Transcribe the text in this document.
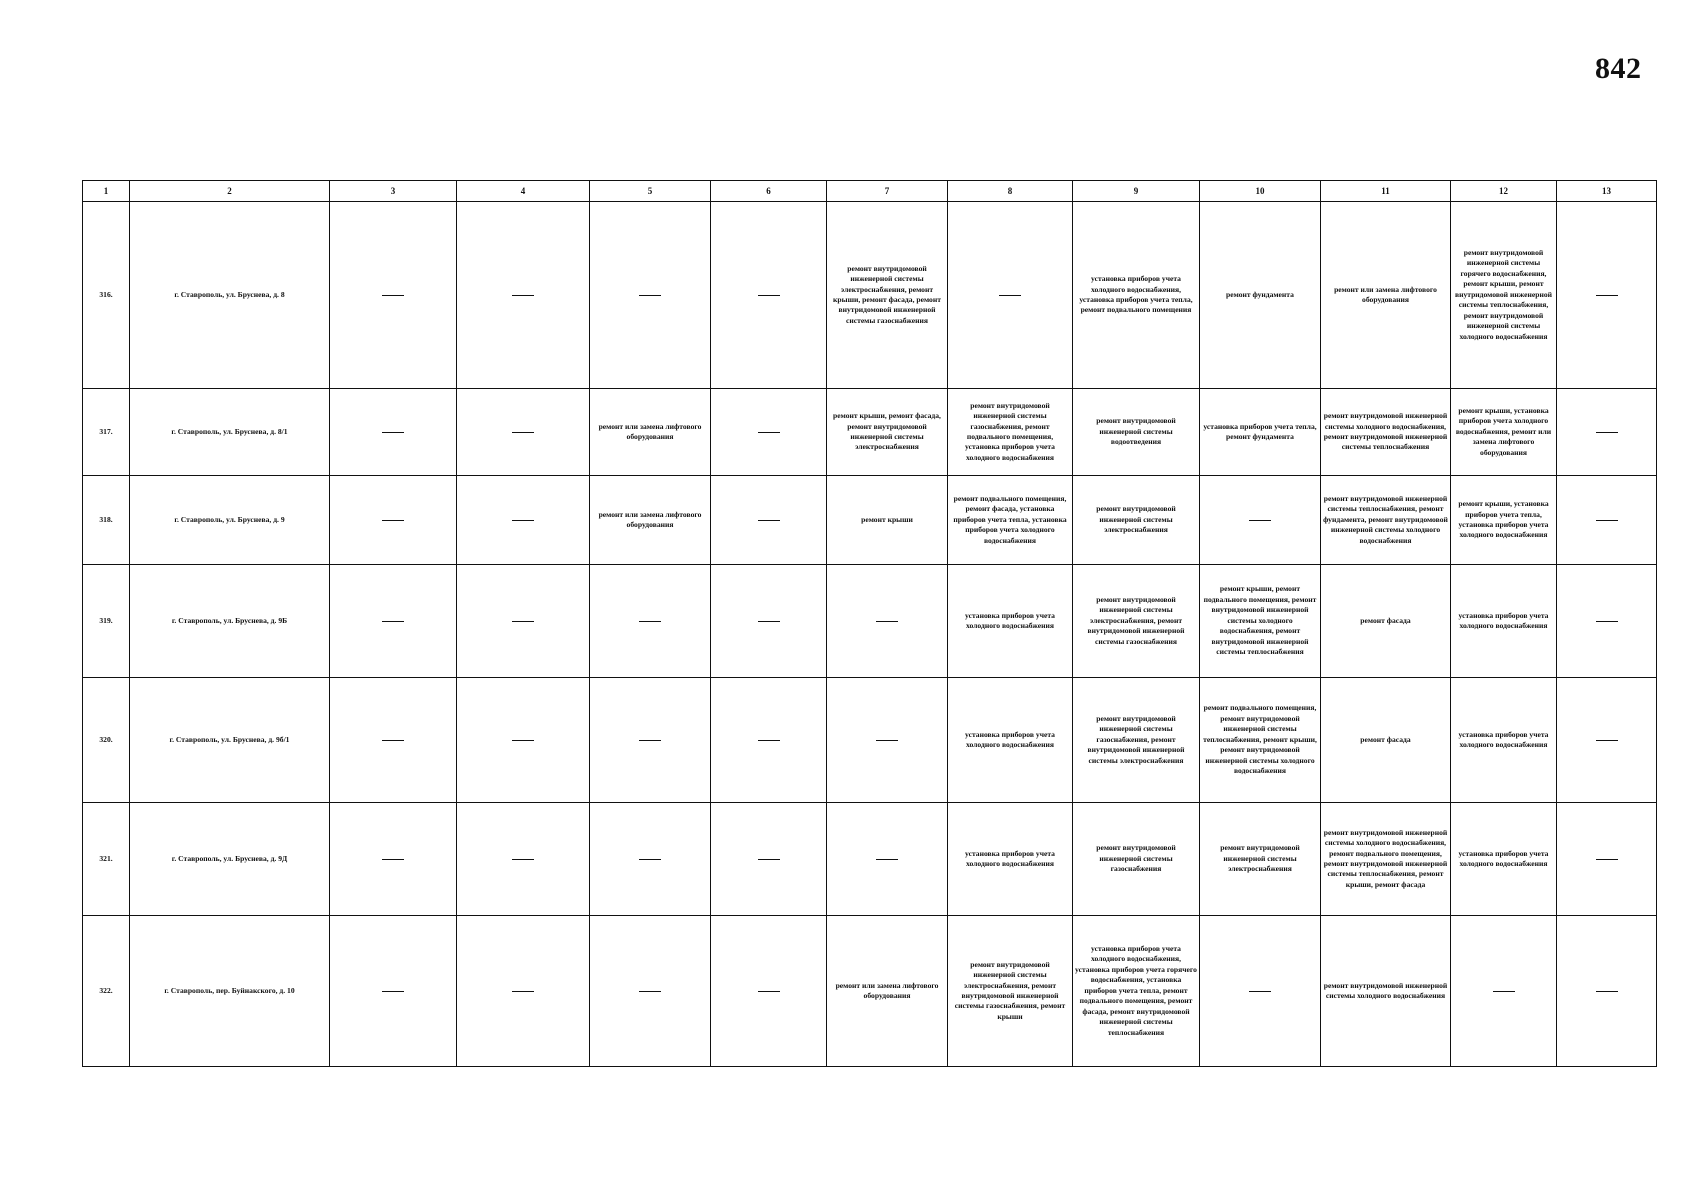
842
1	2	3	4	5	6	7	8	9	10	11	12	13
316.	г. Ставрополь, ул. Бруснева, д. 8					ремонт внутридомовой инженерной системы электроснабжения, ремонт крыши, ремонт фасада, ремонт внутридомовой инженерной системы газоснабжения		установка приборов учета холодного водоснабжения, установка приборов учета тепла, ремонт подвального помещения	ремонт фундамента	ремонт или замена лифтового оборудования	ремонт внутридомовой инженерной системы горячего водоснабжения, ремонт крыши, ремонт внутридомовой инженерной системы теплоснабжения, ремонт внутридомовой инженерной системы холодного водоснабжения	
317.	г. Ставрополь, ул. Бруснева, д. 8/1			ремонт или замена лифтового оборудования		ремонт крыши, ремонт фасада, ремонт внутридомовой инженерной системы электроснабжения	ремонт внутридомовой инженерной системы газоснабжения, ремонт подвального помещения, установка приборов учета холодного водоснабжения	ремонт внутридомовой инженерной системы водоотведения	установка приборов учета тепла, ремонт фундамента	ремонт внутридомовой инженерной системы холодного водоснабжения, ремонт внутридомовой инженерной системы теплоснабжения	ремонт крыши, установка приборов учета холодного водоснабжения, ремонт или замена лифтового оборудования	
318.	г. Ставрополь, ул. Бруснева, д. 9			ремонт или замена лифтового оборудования		ремонт крыши	ремонт подвального помещения, ремонт фасада, установка приборов учета тепла, установка приборов учета холодного водоснабжения	ремонт внутридомовой инженерной системы электроснабжения		ремонт внутридомовой инженерной системы теплоснабжения, ремонт фундамента, ремонт внутридомовой инженерной системы холодного водоснабжения	ремонт крыши, установка приборов учета тепла, установка приборов учета холодного водоснабжения	
319.	г. Ставрополь, ул. Бруснева, д. 9Б						установка приборов учета холодного водоснабжения	ремонт внутридомовой инженерной системы электроснабжения, ремонт внутридомовой инженерной системы газоснабжения	ремонт крыши, ремонт подвального помещения, ремонт внутридомовой инженерной системы холодного водоснабжения, ремонт внутридомовой инженерной системы теплоснабжения	ремонт фасада	установка приборов учета холодного водоснабжения	
320.	г. Ставрополь, ул. Бруснева, д. 9б/1						установка приборов учета холодного водоснабжения	ремонт внутридомовой инженерной системы газоснабжения, ремонт внутридомовой инженерной системы электроснабжения	ремонт подвального помещения, ремонт внутридомовой инженерной системы теплоснабжения, ремонт крыши, ремонт внутридомовой инженерной системы холодного водоснабжения	ремонт фасада	установка приборов учета холодного водоснабжения	
321.	г. Ставрополь, ул. Бруснева, д. 9Д						установка приборов учета холодного водоснабжения	ремонт внутридомовой инженерной системы газоснабжения	ремонт внутридомовой инженерной системы электроснабжения	ремонт внутридомовой инженерной системы холодного водоснабжения, ремонт подвального помещения, ремонт внутридомовой инженерной системы теплоснабжения, ремонт крыши, ремонт фасада	установка приборов учета холодного водоснабжения	
322.	г. Ставрополь, пер. Буйнакского, д. 10					ремонт или замена лифтового оборудования	ремонт внутридомовой инженерной системы электроснабжения, ремонт внутридомовой инженерной системы газоснабжения, ремонт крыши	установка приборов учета холодного водоснабжения, установка приборов учета горячего водоснабжения, установка приборов учета тепла, ремонт подвального помещения, ремонт фасада, ремонт внутридомовой инженерной системы теплоснабжения		ремонт внутридомовой инженерной системы холодного водоснабжения		
